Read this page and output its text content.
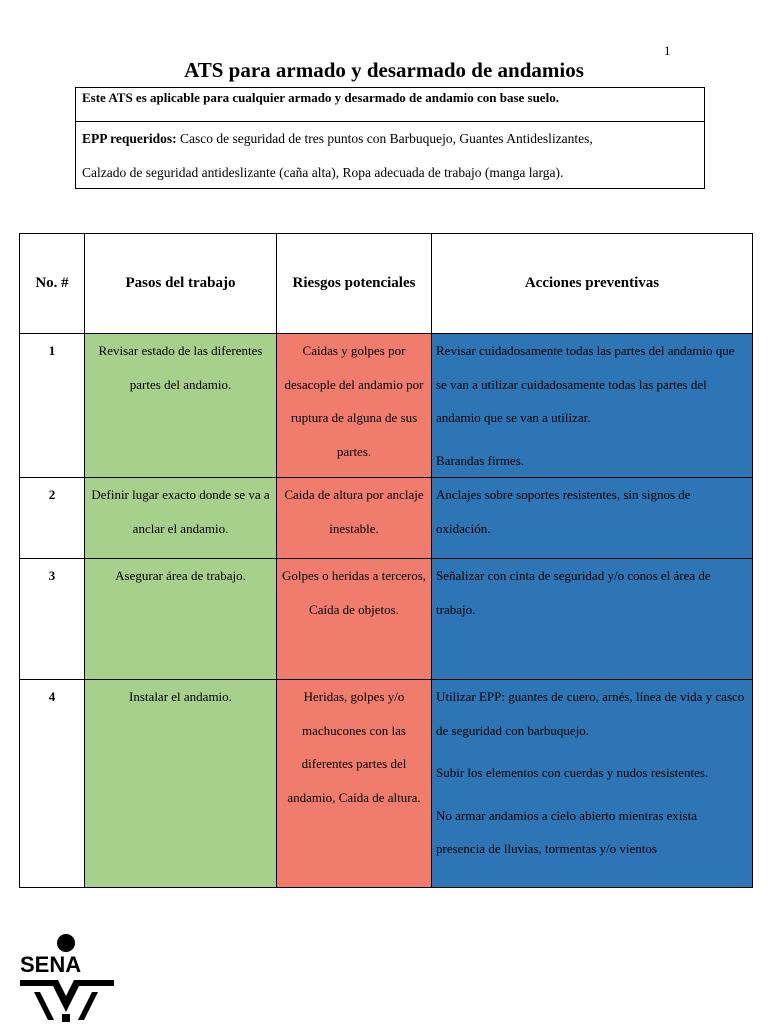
1
ATS para armado y desarmado de andamios
Este ATS es aplicable para cualquier armado y desarmado de andamio con base suelo.
EPP requeridos: Casco de seguridad de tres puntos con Barbuquejo, Guantes Antideslizantes,
Calzado de seguridad antideslizante (caña alta), Ropa adecuada de trabajo (manga larga).
No. #	Pasos del trabajo	Riesgos potenciales	Acciones preventivas
1	Revisar estado de las diferentes partes del andamio.	Caidas y golpes por desacople del andamio por ruptura de alguna de sus partes.	Revisar cuidadosamente todas las partes del andamio que se van a utilizar cuidadosamente todas las partes del andamio que se van a utilizar.

Barandas firmes.

2	Definir lugar exacto donde se va a anclar el andamio.	Caida de altura por anclaje inestable.	Anclajes sobre soportes resistentes, sin signos de oxidación.

3	Asegurar área de trabajo.	Golpes o heridas a terceros, Caída de objetos.	Señalizar con cinta de seguridad y/o conos el área de trabajo.

4	Instalar el andamio.	Heridas, golpes y/o machucones con las diferentes partes del andamio, Caída de altura.	Utilizar EPP: guantes de cuero, arnés, línea de vida y casco de seguridad con barbuquejo.

Subir los elementos con cuerdas y nudos resistentes.

No armar andamios a cielo abierto mientras exista presencia de lluvias, tormentas y/o vientos

SENA
